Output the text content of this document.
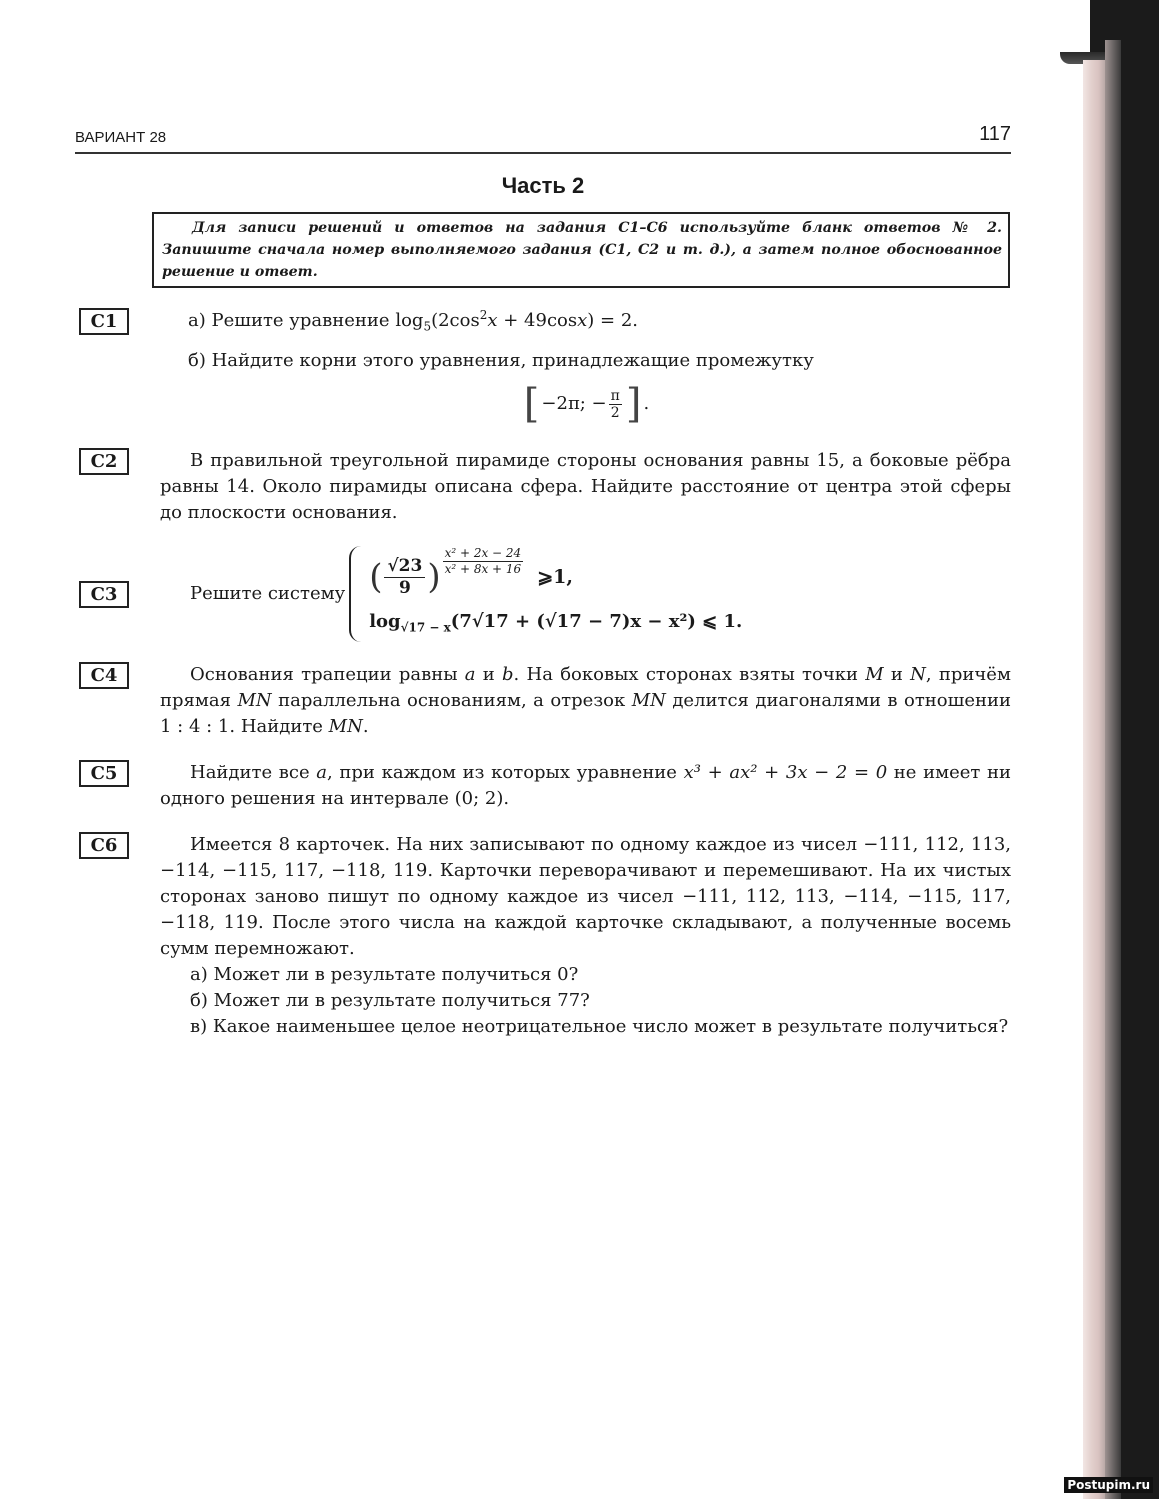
ВАРИАНТ 28	117
Часть 2
Для записи решений и ответов на задания С1–С6 используйте бланк ответов № 2. Запишите сначала номер выполняемого задания (С1, С2 и т. д.), а затем полное обоснованное решение и ответ.
С1	а) Решите уравнение $\log_5(2\cos^2x + 49\cos x) = 2$.
б) Найдите корни этого уравнения, принадлежащие промежутку
[ −2π; − $\frac{\pi}{2}$ ] .
С2	В правильной треугольной пирамиде стороны основания равны 15, а боковые рёбра равны 14. Около пирамиды описана сфера. Найдите расстояние от центра этой сферы до плоскости основания.
С3	Решите систему ( $\frac{√23}{9}$ ) $\frac{\text{x² + 2x − 24}}{\text{x² + 8x + 16}}$ ⩾1,
$\log_{√17 - x}(7√17 + (√17 - 7)x - x^2)$ ⩽ 1.
С4	Основания трапеции равны a и b. На боковых сторонах взяты точки M и N, причём прямая MN параллельна основаниям, а отрезок MN делится диагоналями в отношении 1 : 4 : 1. Найдите MN.
С5	Найдите все a, при каждом из которых уравнение x³ + ax² + 3x − 2 = 0 не имеет ни одного решения на интервале (0; 2).
С6	Имеется 8 карточек. На них записывают по одному каждое из чисел −111, 112, 113, −114, −115, 117, −118, 119. Карточки переворачивают и перемешивают. На их чистых сторонах заново пишут по одному каждое из чисел −111, 112, 113, −114, −115, 117, −118, 119. После этого числа на каждой карточке складывают, а полученные восемь сумм перемножают.
а) Может ли в результате получиться 0?
б) Может ли в результате получиться 77?
в) Какое наименьшее целое неотрицательное число может в результате получиться?
Postupim.ru
